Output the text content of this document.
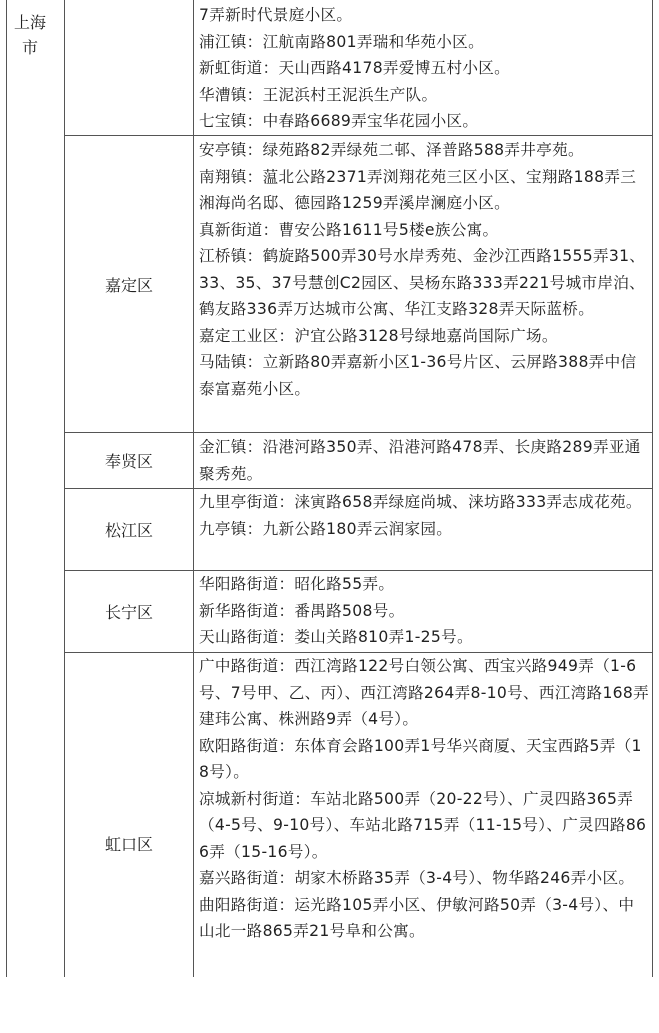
上海市

7弄新时代景庭小区。

浦江镇：江航南路801弄瑞和华苑小区。

新虹街道：天山西路4178弄爱博五村小区。

华漕镇：王泥浜村王泥浜生产队。

七宝镇：中春路6689弄宝华花园小区。

嘉定区

安亭镇：绿苑路82弄绿苑二邨、泽普路588弄井亭苑。

南翔镇：蕰北公路2371弄浏翔花苑三区小区、宝翔路188弄三湘海尚名邸、德园路1259弄溪岸澜庭小区。

真新街道：曹安公路1611号5楼e族公寓。

江桥镇：鹤旋路500弄30号水岸秀苑、金沙江西路1555弄31、33、35、37号慧创C2园区、吴杨东路333弄221号城市岸泊、鹤友路336弄万达城市公寓、华江支路328弄天际蓝桥。

嘉定工业区：沪宜公路3128号绿地嘉尚国际广场。

马陆镇：立新路80弄嘉新小区1-36号片区、云屏路388弄中信泰富嘉苑小区。

奉贤区

金汇镇：沿港河路350弄、沿港河路478弄、长庚路289弄亚通聚秀苑。

松江区

九里亭街道：涞寅路658弄绿庭尚城、涞坊路333弄志成花苑。

九亭镇：九新公路180弄云润家园。

长宁区

华阳路街道：昭化路55弄。

新华路街道：番禺路508号。

天山路街道：娄山关路810弄1-25号。

虹口区

广中路街道：西江湾路122号白领公寓、西宝兴路949弄（1-6号、7号甲、乙、丙）、西江湾路264弄8-10号、西江湾路168弄建玮公寓、株洲路9弄（4号）。

欧阳路街道：东体育会路100弄1号华兴商厦、天宝西路5弄（18号）。

凉城新村街道：车站北路500弄（20-22号）、广灵四路365弄（4-5号、9-10号）、车站北路715弄（11-15号）、广灵四路866弄（15-16号）。

嘉兴路街道：胡家木桥路35弄（3-4号）、物华路246弄小区。

曲阳路街道：运光路105弄小区、伊敏河路50弄（3-4号）、中山北一路865弄21号阜和公寓。
